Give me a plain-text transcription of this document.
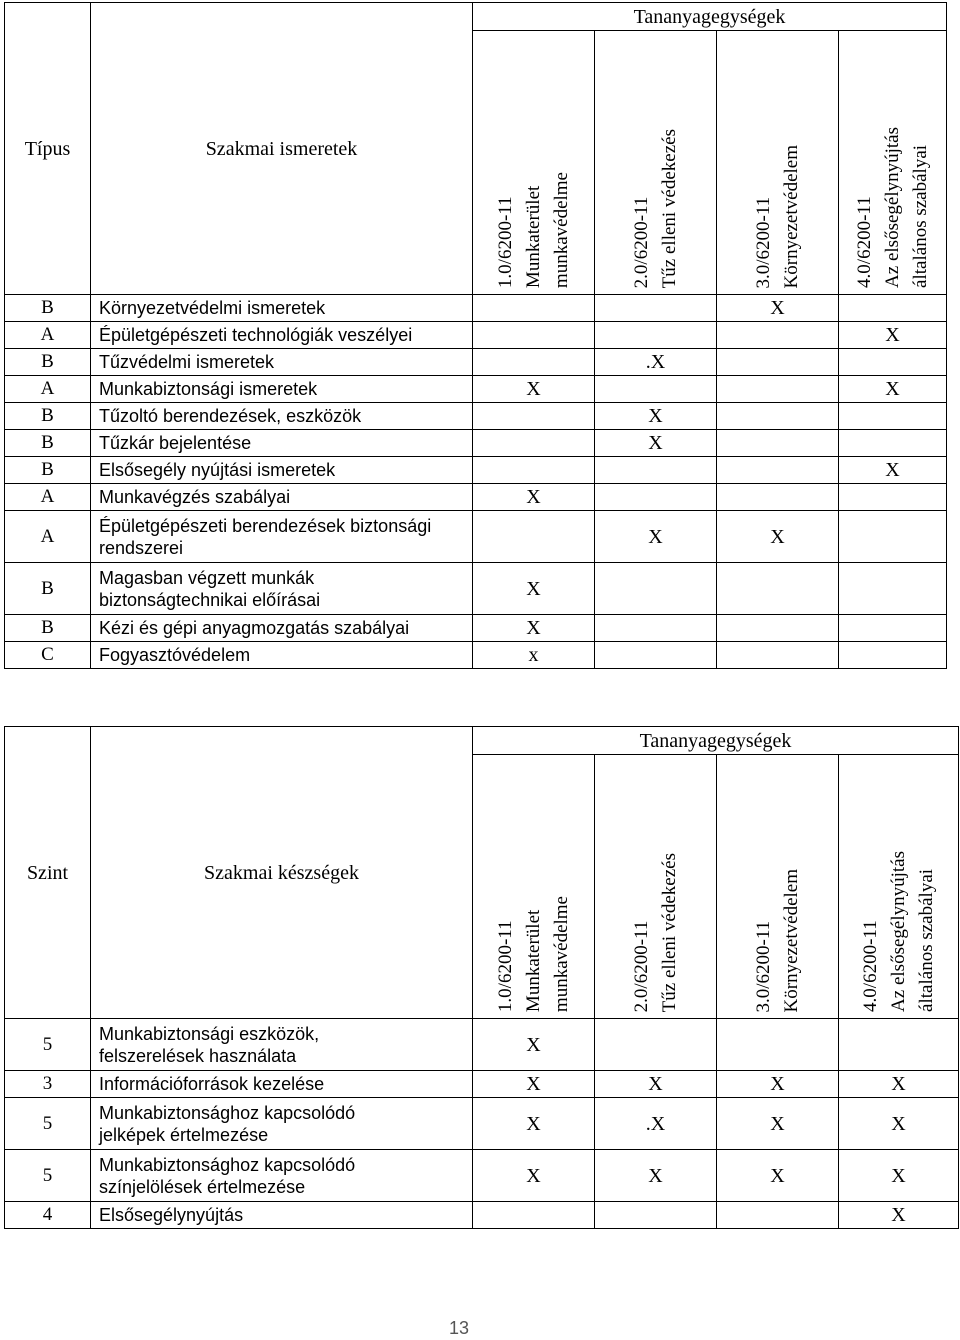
Típus	Szakmai ismeretek	Tananyagegységek			

		1.0/6200-11 Munkaterület munkavédelme	2.0/6200-11 Tűz elleni védekezés	3.0/6200-11 Környezetvédelem	4.0/6200-11 Az elsősegélynyújtás általános szabályai

B	Környezetvédelmi ismeretek			X	
A	Épületgépészeti technológiák veszélyei				X
B	Tűzvédelmi ismeretek		.X		
A	Munkabiztonsági ismeretek	X			X
B	Tűzoltó berendezések, eszközök		X		
B	Tűzkár bejelentése		X		
B	Elsősegély nyújtási ismeretek				X
A	Munkavégzés szabályai	X			
A	Épületgépészeti berendezések biztonsági
rendszerei		X	X	
B	Magasban végzett munkák
biztonságtechnikai előírásai	X			
B	Kézi és gépi anyagmozgatás szabályai	X			
C	Fogyasztóvédelem	x			
Szint	Szakmai készségek	Tananyagegységek			

		1.0/6200-11 Munkaterület munkavédelme	2.0/6200-11 Tűz elleni védekezés	3.0/6200-11 Környezetvédelem	4.0/6200-11 Az elsősegélynyújtás általános szabályai

5	Munkabiztonsági eszközök,
felszerelések használata	X			
3	Információforrások kezelése	X	X	X	X
5	Munkabiztonsághoz kapcsolódó
jelképek értelmezése	X	.X	X	X
5	Munkabiztonsághoz kapcsolódó
színjelölések értelmezése	X	X	X	X
4	Elsősegélynyújtás				X
13
